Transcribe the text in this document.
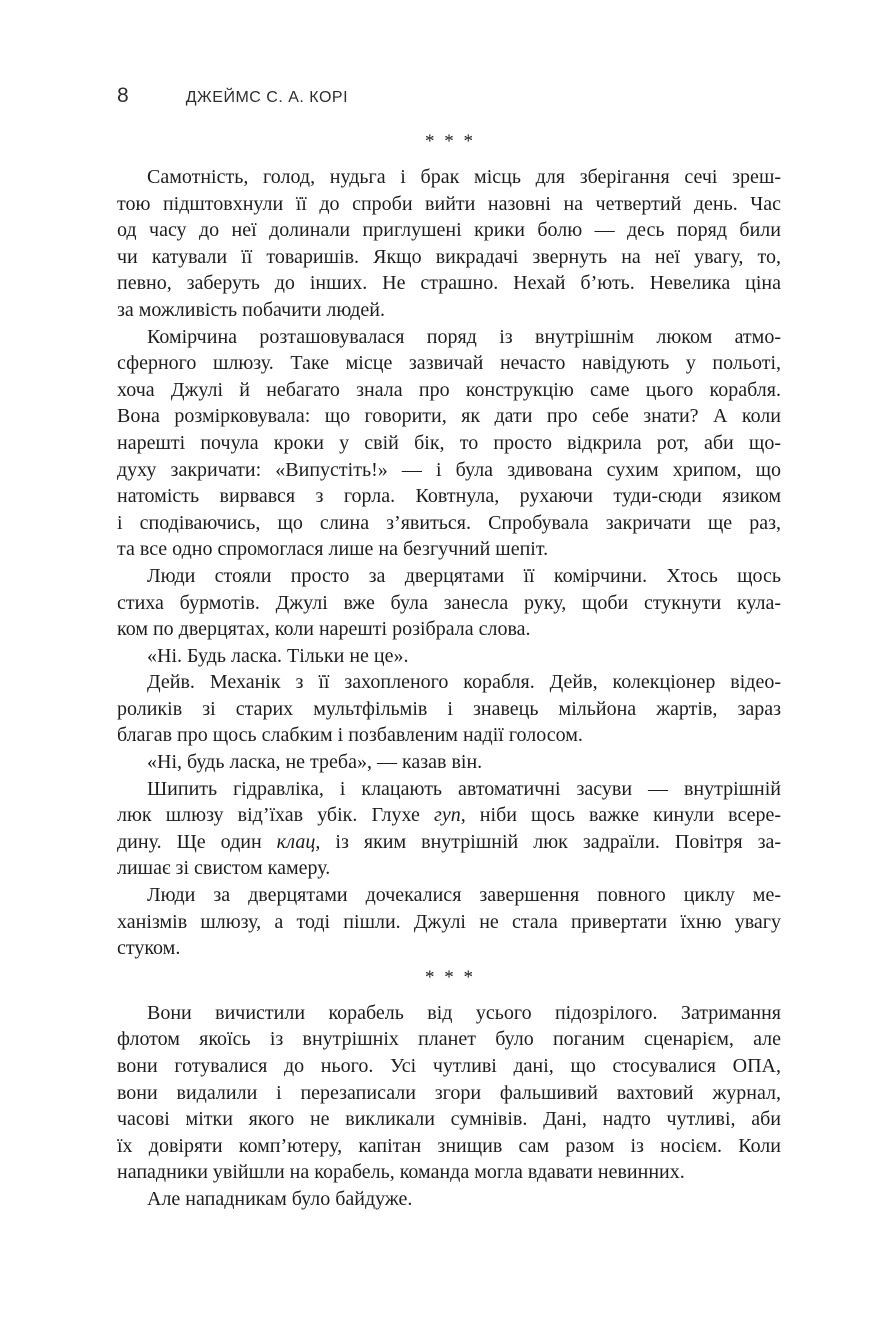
8	ДЖЕЙМС С. А. КОРІ
* * *
Самотність, голод, нудьга і брак місць для зберігання сечі зреш-
тою підштовхнули її до спроби вийти назовні на четвертий день. Час
од часу до неї долинали приглушені крики болю — десь поряд били
чи катували її товаришів. Якщо викрадачі звернуть на неї увагу, то,
певно, заберуть до інших. Не страшно. Нехай б’ють. Невелика ціна
за можливість побачити людей.
Комірчина розташовувалася поряд із внутрішнім люком атмо-
сферного шлюзу. Таке місце зазвичай нечасто навідують у польоті,
хоча Джулі й небагато знала про конструкцію саме цього корабля.
Вона розмірковувала: що говорити, як дати про себе знати? А коли
нарешті почула кроки у свій бік, то просто відкрила рот, аби що-
духу закричати: «Випустіть!» — і була здивована сухим хрипом, що
натомість вирвався з горла. Ковтнула, рухаючи туди-сюди язиком
і сподіваючись, що слина з’явиться. Спробувала закричати ще раз,
та все одно спромоглася лише на безгучний шепіт.
Люди стояли просто за дверцятами її комірчини. Хтось щось
стиха бурмотів. Джулі вже була занесла руку, щоби стукнути кула-
ком по дверцятах, коли нарешті розібрала слова.
«Ні. Будь ласка. Тільки не це».
Дейв. Механік з її захопленого корабля. Дейв, колекціонер відео-
роликів зі старих мультфільмів і знавець мільйона жартів, зараз
благав про щось слабким і позбавленим надії голосом.
«Ні, будь ласка, не треба», — казав він.
Шипить гідравліка, і клацають автоматичні засуви — внутрішній
люк шлюзу від’їхав убік. Глухе гуп, ніби щось важке кинули всере-
дину. Ще один клац, із яким внутрішній люк задраїли. Повітря за-
лишає зі свистом камеру.
Люди за дверцятами дочекалися завершення повного циклу ме-
ханізмів шлюзу, а тоді пішли. Джулі не стала привертати їхню увагу
стуком.
* * *
Вони вичистили корабель від усього підозрілого. Затримання
флотом якоїсь із внутрішніх планет було поганим сценарієм, але
вони готувалися до нього. Усі чутливі дані, що стосувалися ОПА,
вони видалили і перезаписали згори фальшивий вахтовий журнал,
часові мітки якого не викликали сумнівів. Дані, надто чутливі, аби
їх довіряти комп’ютеру, капітан знищив сам разом із носієм. Коли
нападники увійшли на корабель, команда могла вдавати невинних.
Але нападникам було байдуже.
